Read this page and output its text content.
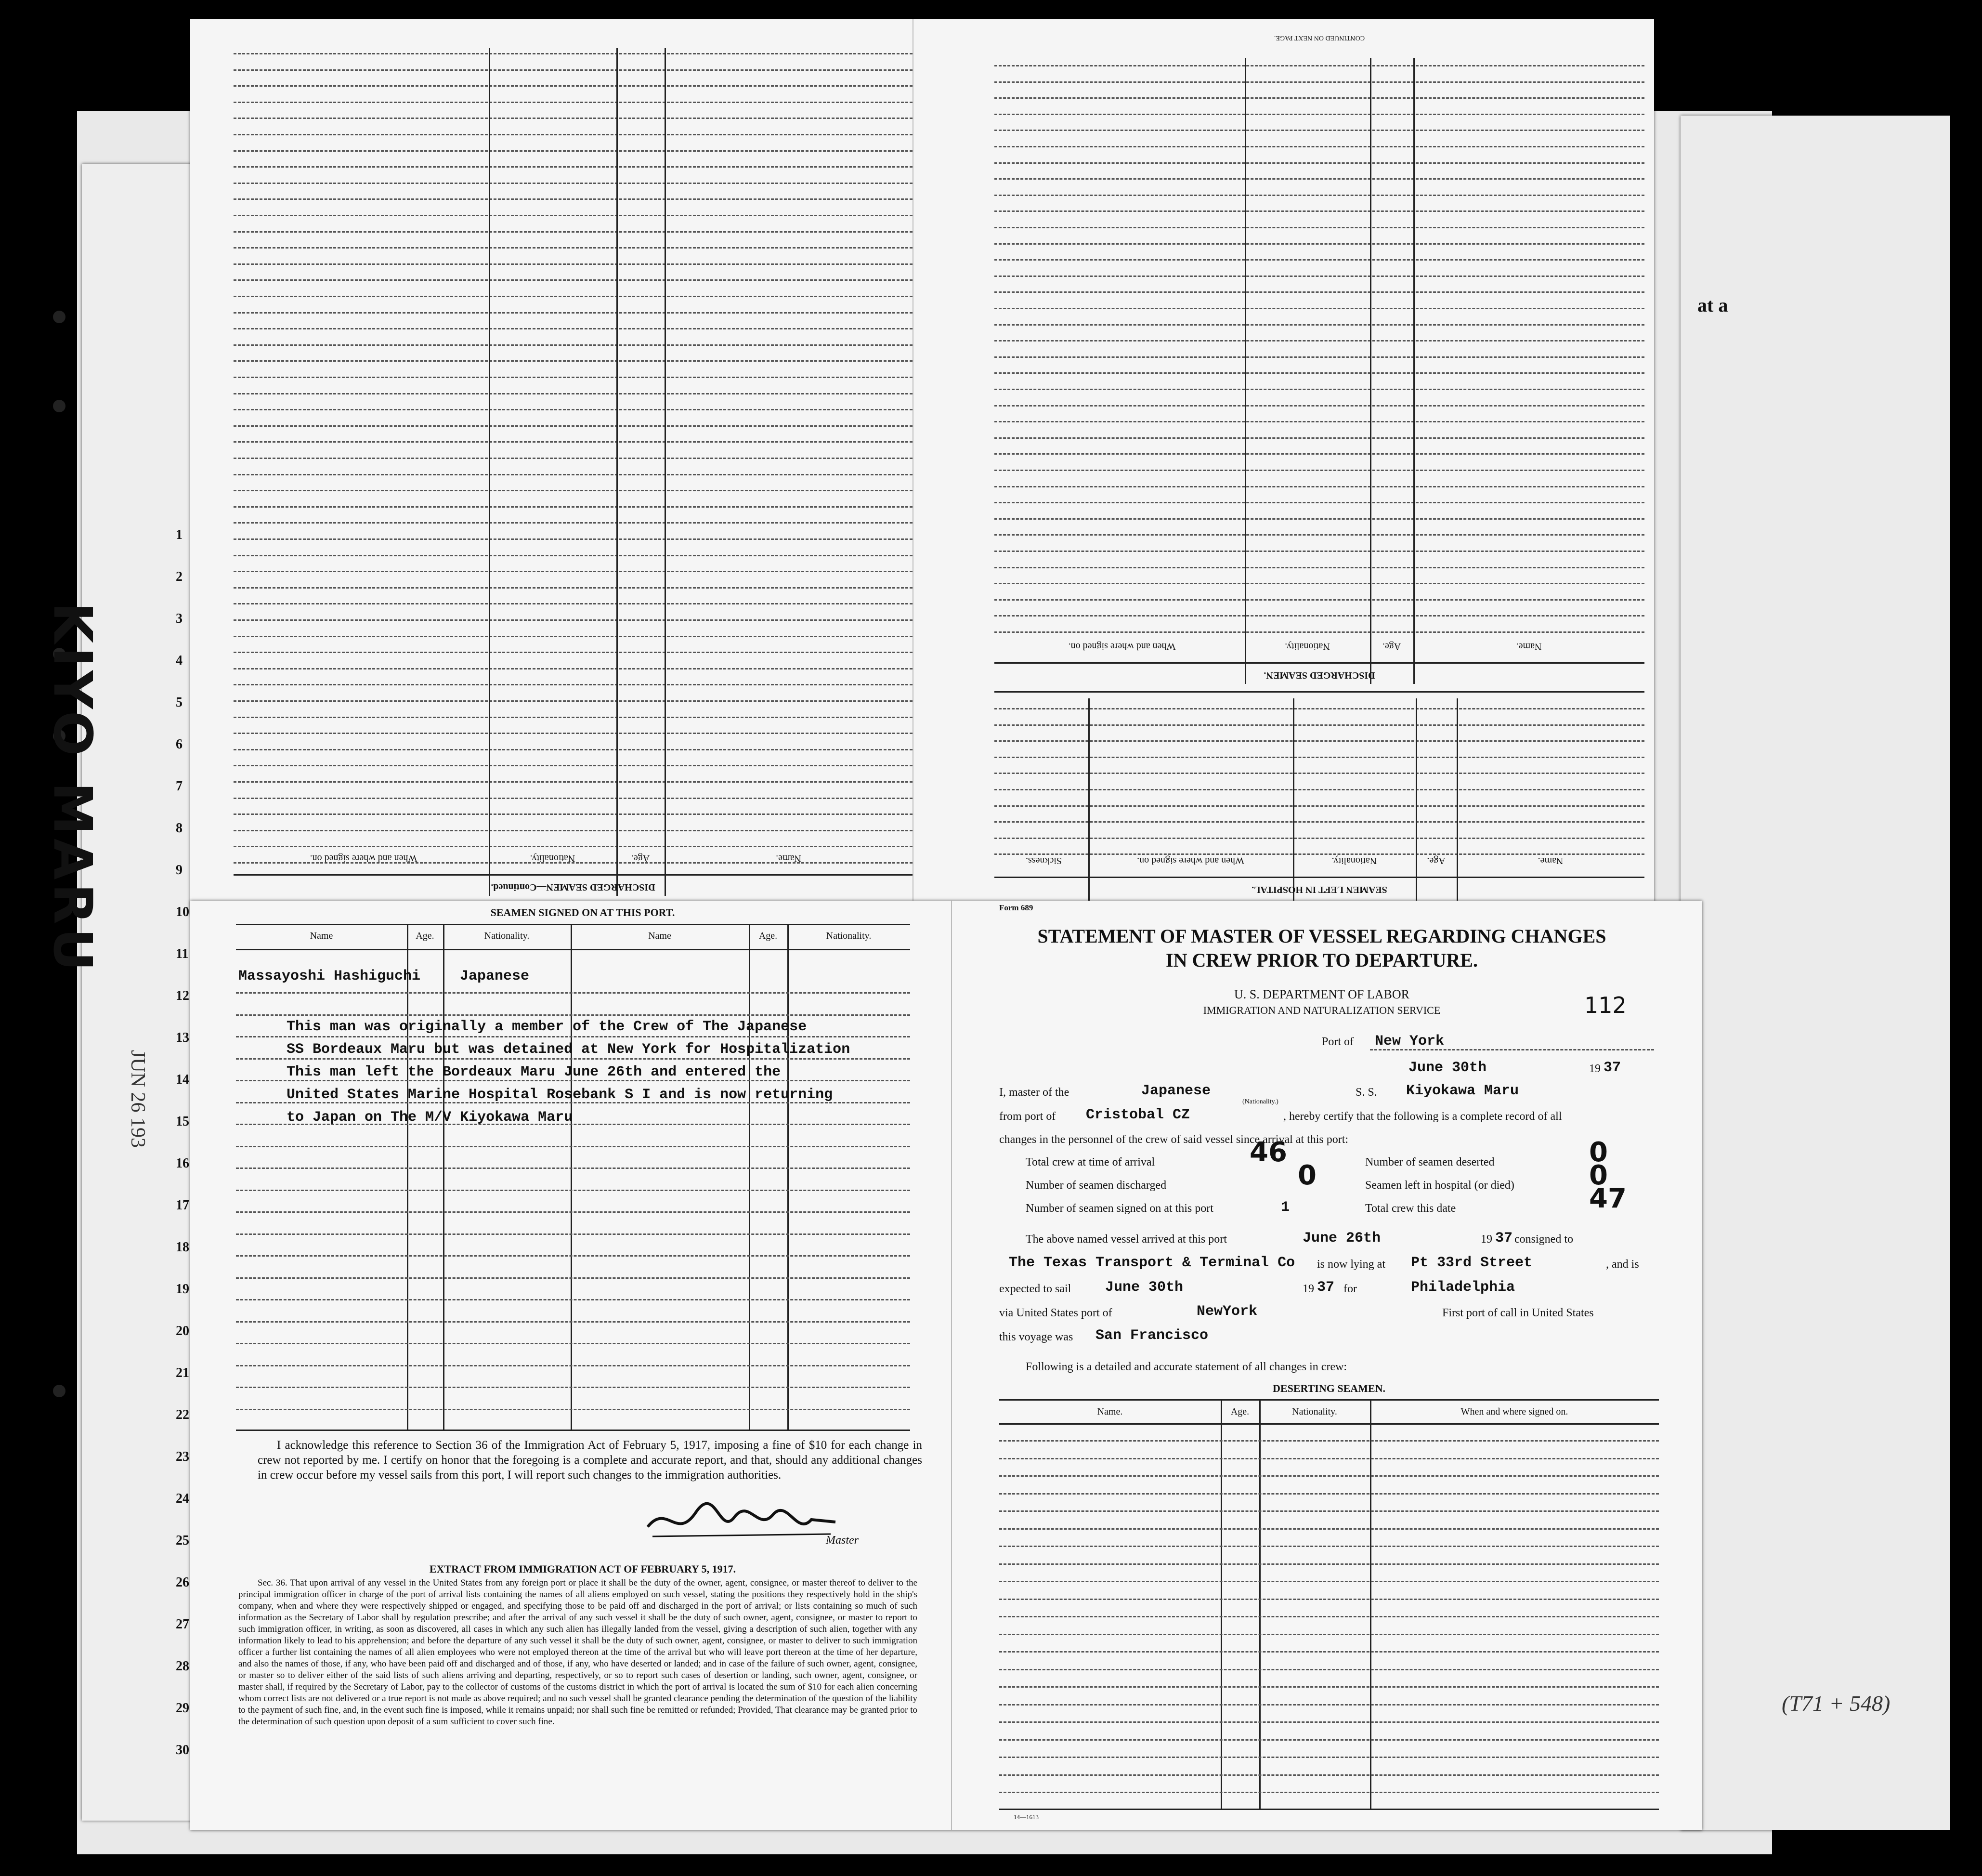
1
2
3
4
5
6
7
8
9
10
11
12
13
14
15
16
17
18
19
20
21
22
23
24
25
26
27
28
29
30
at a
KIYO MARU
JUN 26 193
(T71 + 548)
When and where signed on.	Nationality.	Age.	Name.
DISCHARGED SEAMEN—Continued.
When and where signed on.	Nationality.	Age.	Name.
DISCHARGED SEAMEN.
CONTINUED ON NEXT PAGE.
Sickness.	When and where signed on.	Nationality.	Age.	Name.
SEAMEN LEFT IN HOSPITAL.
SEAMEN SIGNED ON AT THIS PORT.
Name	Age.	Nationality.	Name	Age.	Nationality.
Massayoshi Hashiguchi	Japanese
This man was originally a member of the Crew of The Japanese
SS Bordeaux Maru but was detained at New York for Hospitalization
This man left the Bordeaux Maru June 26th and entered the
United States Marine Hospital Rosebank S I and is now returning
to Japan on The M/V Kiyokawa Maru
I acknowledge this reference to Section 36 of the Immigration Act of February 5, 1917, imposing a fine of $10 for each change in crew not reported by me. I certify on honor that the foregoing is a complete and accurate report, and that, should any additional changes in crew occur before my vessel sails from this port, I will report such changes to the immigration authorities.
Master
EXTRACT FROM IMMIGRATION ACT OF FEBRUARY 5, 1917.
Sec. 36. That upon arrival of any vessel in the United States from any foreign port or place it shall be the duty of the owner, agent, consignee, or master thereof to deliver to the principal immigration officer in charge of the port of arrival lists containing the names of all aliens employed on such vessel, stating the positions they respectively hold in the ship's company, when and where they were respectively shipped or engaged, and specifying those to be paid off and discharged in the port of arrival; or lists containing so much of such information as the Secretary of Labor shall by regulation prescribe; and after the arrival of any such vessel it shall be the duty of such owner, agent, consignee, or master to report to such immigration officer, in writing, as soon as discovered, all cases in which any such alien has illegally landed from the vessel, giving a description of such alien, together with any information likely to lead to his apprehension; and before the departure of any such vessel it shall be the duty of such owner, agent, consignee, or master to deliver to such immigration officer a further list containing the names of all alien employees who were not employed thereon at the time of the arrival but who will leave port thereon at the time of her departure, and also the names of those, if any, who have been paid off and discharged and of those, if any, who have deserted or landed; and in case of the failure of such owner, agent, consignee, or master so to deliver either of the said lists of such aliens arriving and departing, respectively, or so to report such cases of desertion or landing, such owner, agent, consignee, or master shall, if required by the Secretary of Labor, pay to the collector of customs of the customs district in which the port of arrival is located the sum of $10 for each alien concerning whom correct lists are not delivered or a true report is not made as above required; and no such vessel shall be granted clearance pending the determination of the question of the liability to the payment of such fine, and, in the event such fine is imposed, while it remains unpaid; nor shall such fine be remitted or refunded; Provided, That clearance may be granted prior to the determination of such question upon deposit of a sum sufficient to cover such fine.
Form 689
STATEMENT OF MASTER OF VESSEL REGARDING CHANGES
IN CREW PRIOR TO DEPARTURE.
U. S. DEPARTMENT OF LABOR
IMMIGRATION AND NATURALIZATION SERVICE	112
Port of New York
June 30th	19 37
I, master of the	Japanese
(Nationality.)
S. S. Kiyokawa Maru
from port of Cristobal CZ	, hereby certify that the following is a complete record of all
changes in the personnel of the crew of said vessel since arrival at this port:
Total crew at time of arrival	46	Number of seamen deserted	0
Number of seamen discharged	0	Seamen left in hospital (or died)	0
Number of seamen signed on at this port	1	Total crew this date	47
The above named vessel arrived at this port	June 26th	19 37 consigned to
The Texas Transport & Terminal Co is now lying at Pt 33rd Street	, and is
expected to sail June 30th	19 37 for	Philadelphia
via United States port of	NewYork	First port of call in United States
this voyage was San Francisco
Following is a detailed and accurate statement of all changes in crew:
DESERTING SEAMEN.
Name.	Age.	Nationality.	When and where signed on.
14—1613
